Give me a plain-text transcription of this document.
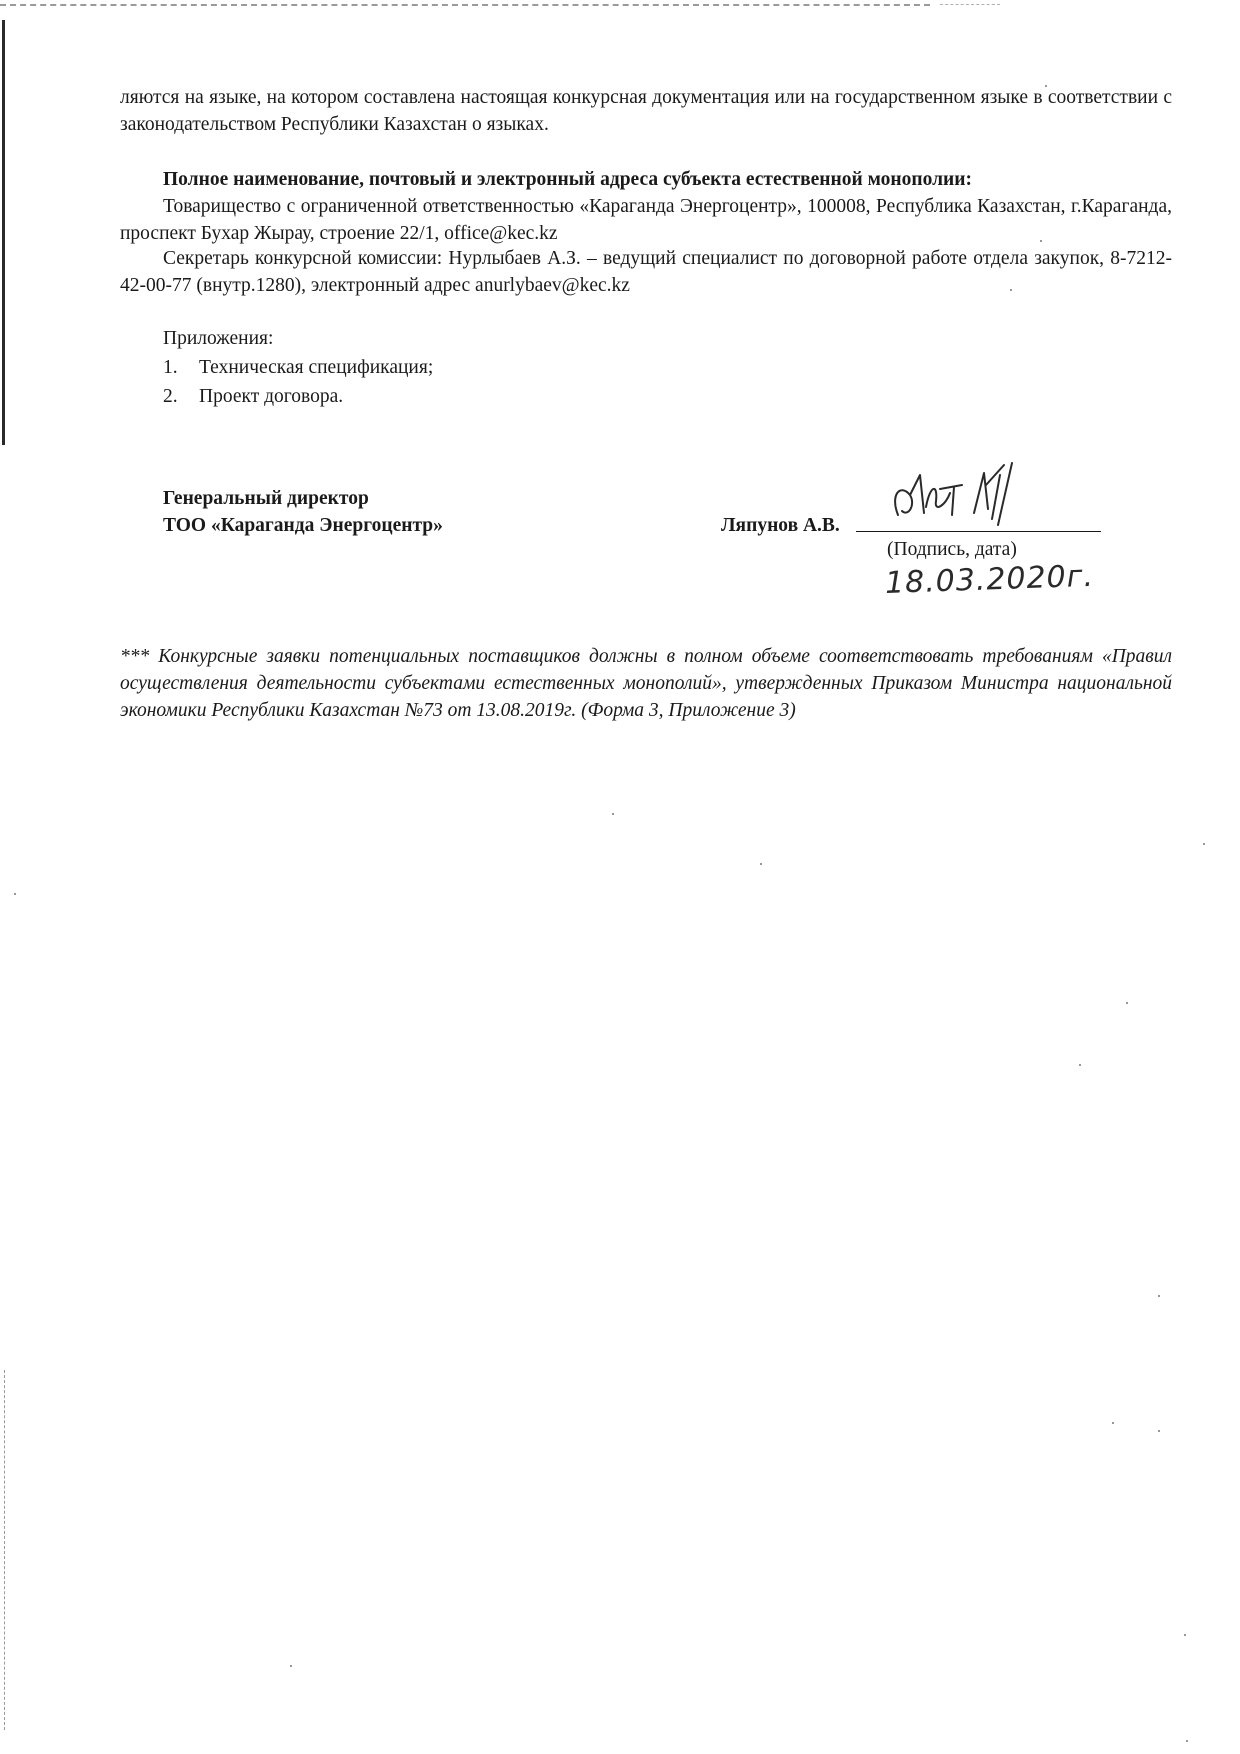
ляются на языке, на котором составлена настоящая конкурсная документация или на государственном языке в соответствии с законодательством Республики Казахстан о языках.
Полное наименование, почтовый и электронный адреса субъекта естественной монополии:
Товарищество с ограниченной ответственностью «Караганда Энергоцентр», 100008, Республика Казахстан, г.Караганда, проспект Бухар Жырау, строение 22/1, office@kec.kz
Секретарь конкурсной комиссии: Нурлыбаев А.З. – ведущий специалист по договорной работе отдела закупок, 8-7212-42-00-77 (внутр.1280), электронный адрес anurlybaev@kec.kz
Приложения:
1.	Техническая спецификация;
2.	Проект договора.
Генеральный директор
ТОО «Караганда Энергоцентр»	Ляпунов А.В.
(Подпись, дата)
18.03.2020г.
*** Конкурсные заявки потенциальных поставщиков должны в полном объеме соответствовать требованиям «Правил осуществления деятельности субъектами естественных монополий», утвержденных Приказом Министра национальной экономики Республики Казахстан №73 от 13.08.2019г. (Форма 3, Приложение 3)
